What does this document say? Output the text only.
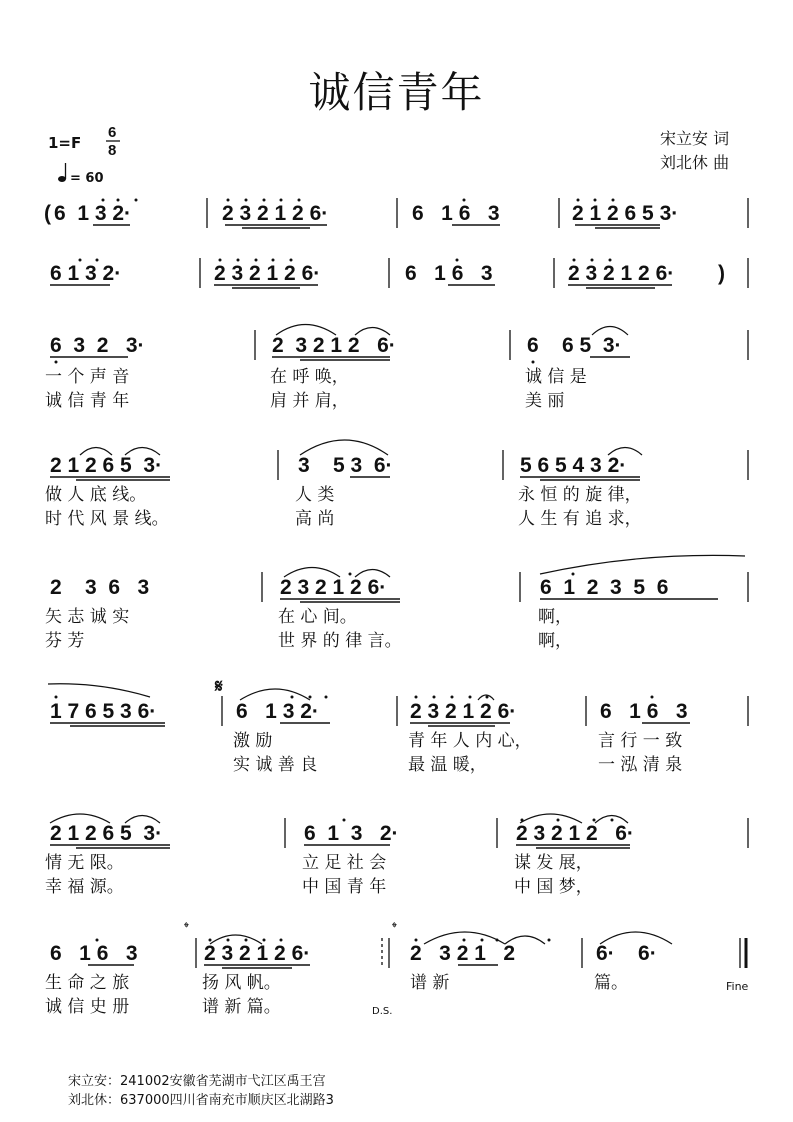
诚信青年
1=F	宋立安 词
刘北休 曲
6
8
= 60
( 6  1 3 2·	2 3 2 1 2 6·	6   1 6   3	2 1 2 6 5 3·
6 1 3 2·	2 3 2 1 2 6·	6   1 6   3	2 3 2 1 2 6· )
6  3  2   3·	2  3 2 1 2   6·	6    6 5  3·
一 个 声 音	在 呼 唤，	诚 信 是
诚 信 青 年	肩 并 肩，	美 丽
2 1 2 6 5  3·	3    5 3  6·	5 6 5 4 3 2·
做 人 底 线。	人 类	永 恒 的 旋 律，
时 代 风 景 线。	高 尚	人 生 有 追 求，
2    3  6   3	2 3 2 1 2 6·	6  1  2  3  5  6
矢 志 诚 实	在 心 间。	啊，
芬 芳	世 界 的 律 言。	啊，
1 7 6 5 3 6·
𝄋
6   1 3 2·	2 3 2 1 2 6·	6   1 6   3
激 励	青 年 人 内 心，	言 行 一 致
实 诚 善 良	最 温 暖，	一 泓 清 泉
2 1 2 6 5  3·	6  1  3   2·	2 3 2 1 2   6·
情 无 限。	立 足 社 会	谋 发 展，
幸 福 源。	中 国 青 年	中 国 梦，
6   1 6   3
𝄌
2 3 2 1 2 6·
𝄌
2   3 2 1   2	6·    6·
生 命 之 旅	扬 风 帆。	谱 新	篇。
诚 信 史 册	谱 新 篇。
Fine
D.S.
宋立安：241002安徽省芜湖市弋江区禹王宫
刘北休：637000四川省南充市顺庆区北湖路3
